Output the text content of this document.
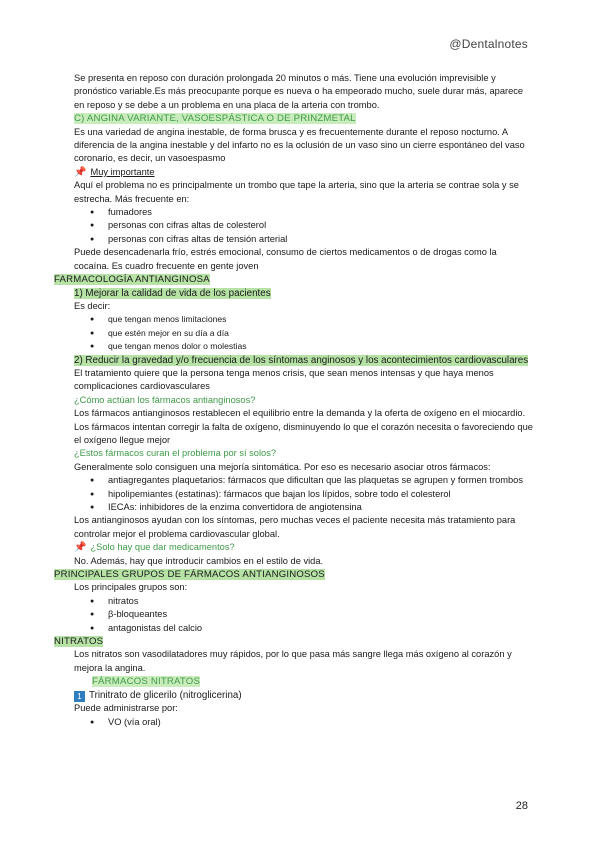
@Dentalnotes

Se presenta en reposo con duración prolongada 20 minutos o más. Tiene una evolución imprevisible y pronóstico variable.Es más preocupante porque es nueva o ha empeorado mucho, suele durar más, aparece en reposo y se debe a un problema en una placa de la arteria con trombo.

C) ANGINA VARIANTE, VASOESPÁSTICA O DE PRINZMETAL

Es una variedad de angina inestable, de forma brusca y es frecuentemente durante el reposo nocturno. A diferencia de la angina inestable y del infarto no es la oclusión de un vaso sino un cierre espontáneo del vaso coronario, es decir, un vasoespasmo

📌 Muy importante

Aquí el problema no es principalmente un trombo que tape la arteria, sino que la arteria se contrae sola y se estrecha. Más frecuente en:

● fumadores
● personas con cifras altas de colesterol
● personas con cifras altas de tensión arterial

Puede desencadenarla frío, estrés emocional, consumo de ciertos medicamentos o de drogas como la cocaína. Es cuadro frecuente en gente joven

FARMACOLOGÍA ANTIANGINOSA

1) Mejorar la calidad de vida de los pacientes

Es decir:

● que tengan menos limitaciones
● que estén mejor en su día a día
● que tengan menos dolor o molestias

2) Reducir la gravedad y/o frecuencia de los síntomas anginosos y los acontecimientos cardiovasculares

El tratamiento quiere que la persona tenga menos crisis, que sean menos intensas y que haya menos complicaciones cardiovasculares

¿Cómo actúan los fármacos antianginosos?

Los fármacos antianginosos restablecen el equilibrio entre la demanda y la oferta de oxígeno en el miocardio. Los fármacos intentan corregir la falta de oxígeno, disminuyendo lo que el corazón necesita o favoreciendo que el oxígeno llegue mejor

¿Estos fármacos curan el problema por sí solos?

Generalmente solo consiguen una mejoría sintomática. Por eso es necesario asociar otros fármacos:

● antiagregantes plaquetarios: fármacos que dificultan que las plaquetas se agrupen y formen trombos
● hipolipemiantes (estatinas): fármacos que bajan los lípidos, sobre todo el colesterol
● IECAs: inhibidores de la enzima convertidora de angiotensina

Los antianginosos ayudan con los síntomas, pero muchas veces el paciente necesita más tratamiento para controlar mejor el problema cardiovascular global.

📌 ¿Solo hay que dar medicamentos?

No. Además, hay que introducir cambios en el estilo de vida.

PRINCIPALES GRUPOS DE FÁRMACOS ANTIANGINOSOS

Los principales grupos son:

● nitratos
● β-bloqueantes
● antagonistas del calcio

NITRATOS

Los nitratos son vasodilatadores muy rápidos, por lo que pasa más sangre llega más oxígeno al corazón y mejora la angina.

FÁRMACOS NITRATOS

1 Trinitrato de glicerilo (nitroglicerina)

Puede administrarse por:

● VO (vía oral)
28
